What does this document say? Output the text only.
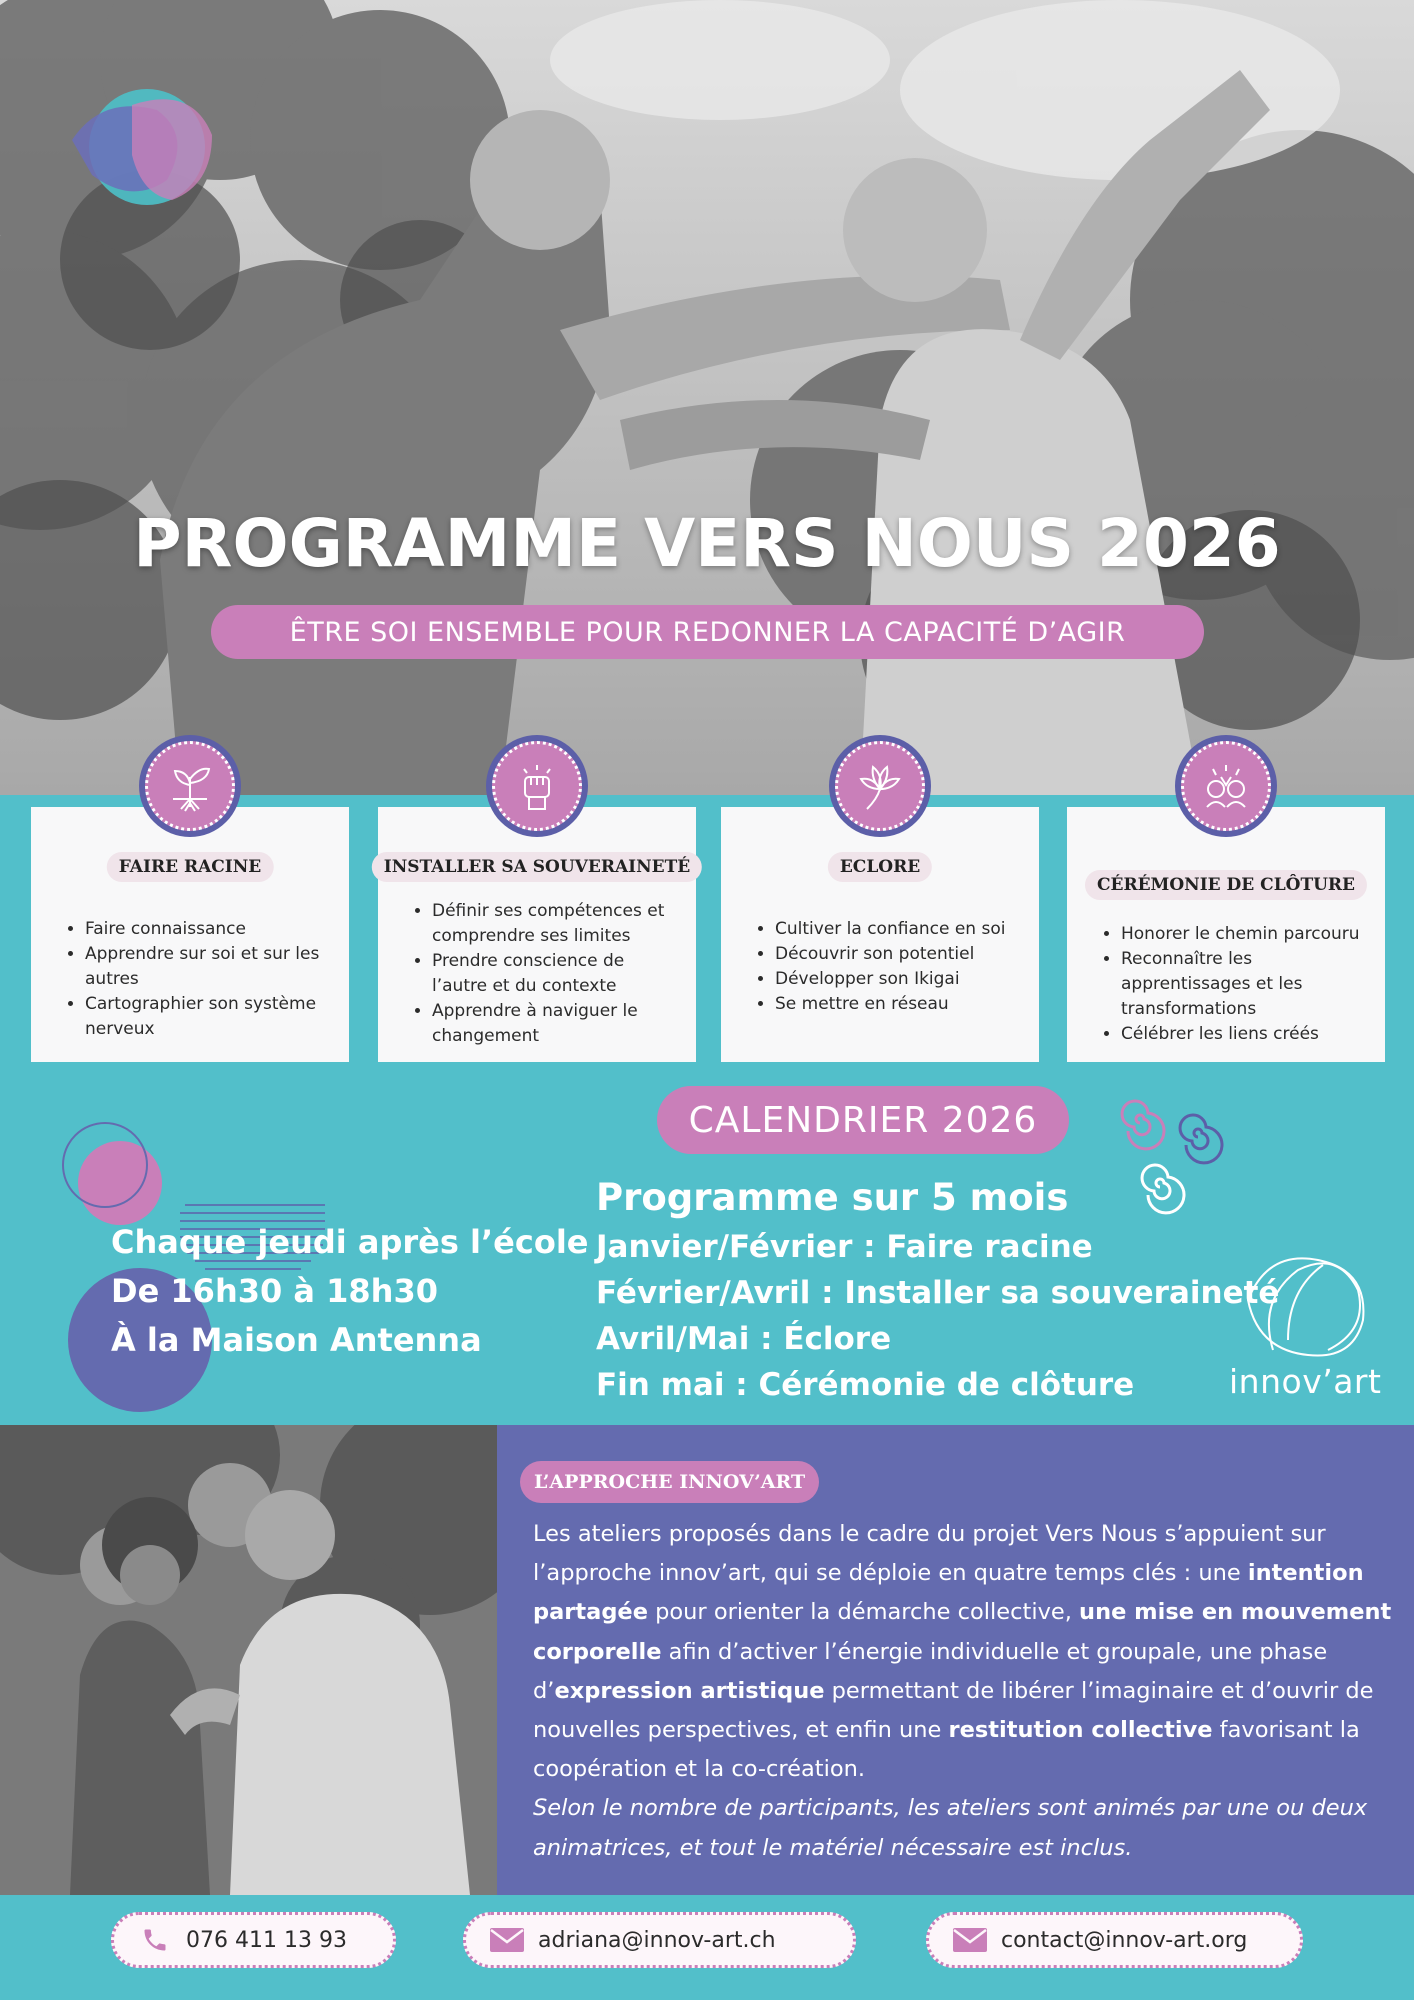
PROGRAMME VERS NOUS 2026
ÊTRE SOI ENSEMBLE POUR REDONNER LA CAPACITÉ D’AGIR
FAIRE RACINE
• Faire connaissance
• Apprendre sur soi et sur les autres
• Cartographier son système nerveux
INSTALLER SA SOUVERAINETÉ
• Définir ses compétences et comprendre ses limites
• Prendre conscience de l’autre et du contexte
• Apprendre à naviguer le changement
ECLORE
• Cultiver la confiance en soi
• Découvrir son potentiel
• Développer son Ikigai
• Se mettre en réseau
CÉRÉMONIE DE CLÔTURE
• Honorer le chemin parcouru
• Reconnaître les apprentissages et les transformations
• Célébrer les liens créés
CALENDRIER 2026
Programme sur 5 mois
Janvier/Février : Faire racine
Février/Avril : Installer sa souveraineté
Avril/Mai : Éclore
Fin mai : Cérémonie de clôture
Chaque jeudi après l’école
De 16h30 à 18h30
À la Maison Antenna
innov’art
L’APPROCHE INNOV’ART
Les ateliers proposés dans le cadre du projet Vers Nous s’appuient sur l’approche innov’art, qui se déploie en quatre temps clés : une intention partagée pour orienter la démarche collective, une mise en mouvement corporelle afin d’activer l’énergie individuelle et groupale, une phase d’expression artistique permettant de libérer l’imaginaire et d’ouvrir de nouvelles perspectives, et enfin une restitution collective favorisant la coopération et la co-création.
Selon le nombre de participants, les ateliers sont animés par une ou deux animatrices, et tout le matériel nécessaire est inclus.
076 411 13 93	adriana@innov-art.ch	contact@innov-art.org
